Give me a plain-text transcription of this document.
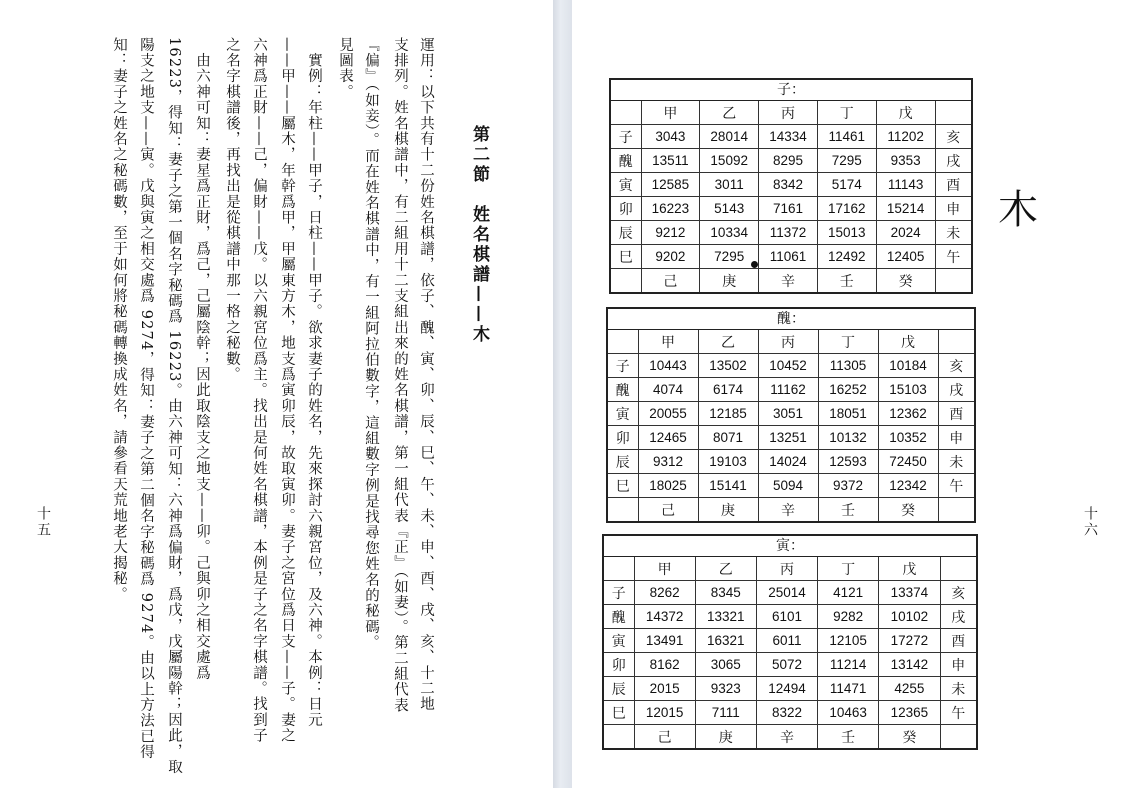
第二節　姓名棋譜——木
運用：以下共有十二份姓名棋譜，依子、醜、寅、卯、辰、巳、午、未、申、酉、戌、亥、十二地
支排列。姓名棋譜中，有二組用十二支組出來的姓名棋譜，第一組代表『正』（如妻）。第二組代表
『偏』（如妾）。而在姓名棋譜中，有一組阿拉伯數字，這組數字例是找尋您姓名的秘碼。
見圖表。
　實例：年柱——甲子，日柱——甲子。欲求妻子的姓名，先來探討六親宮位，及六神。本例：日元
——甲——屬木，年幹爲甲，甲屬東方木，地支爲寅卯辰，故取寅卯。妻子之宮位爲日支——子。妻之
六神爲正財——己，偏財——戊。以六親宮位爲主。找出是何姓名棋譜，本例是子之名字棋譜。找到子
之名字棋譜後，再找出是從棋譜中那一格之秘數。
　由六神可知：妻星爲正財，爲己，己屬陰幹；因此取陰支之地支——卯。己與卯之相交處爲
16223，得知：妻子之第一個名字秘碼爲 16223。由六神可知：六神爲偏財，爲戊，戊屬陽幹；因此，取
陽支之地支——寅。戊與寅之相交處爲 9274，得知：妻子之第二個名字秘碼爲 9274。由以上方法已得
知：妻子之姓名之秘碼數，至于如何將秘碼轉換成姓名，請參看天荒地老大揭秘。
十五
木
十六
子：
	甲	乙	丙	丁	戊	
子	3043	28014	14334	11461	11202	亥
醜	13511	15092	8295	7295	9353	戌
寅	12585	3011	8342	5174	11143	酉
卯	16223	5143	7161	17162	15214	申
辰	9212	10334	11372	15013	2024	未
巳	9202	7295	11061	12492	12405	午
	己	庚	辛	壬	癸	
醜：
	甲	乙	丙	丁	戊	
子	10443	13502	10452	11305	10184	亥
醜	4074	6174	11162	16252	15103	戌
寅	20055	12185	3051	18051	12362	酉
卯	12465	8071	13251	10132	10352	申
辰	9312	19103	14024	12593	72450	未
巳	18025	15141	5094	9372	12342	午
	己	庚	辛	壬	癸	
寅：
	甲	乙	丙	丁	戊	
子	8262	8345	25014	4121	13374	亥
醜	14372	13321	6101	9282	10102	戌
寅	13491	16321	6011	12105	17272	酉
卯	8162	3065	5072	11214	13142	申
辰	2015	9323	12494	11471	4255	未
巳	12015	7111	8322	10463	12365	午
	己	庚	辛	壬	癸	
